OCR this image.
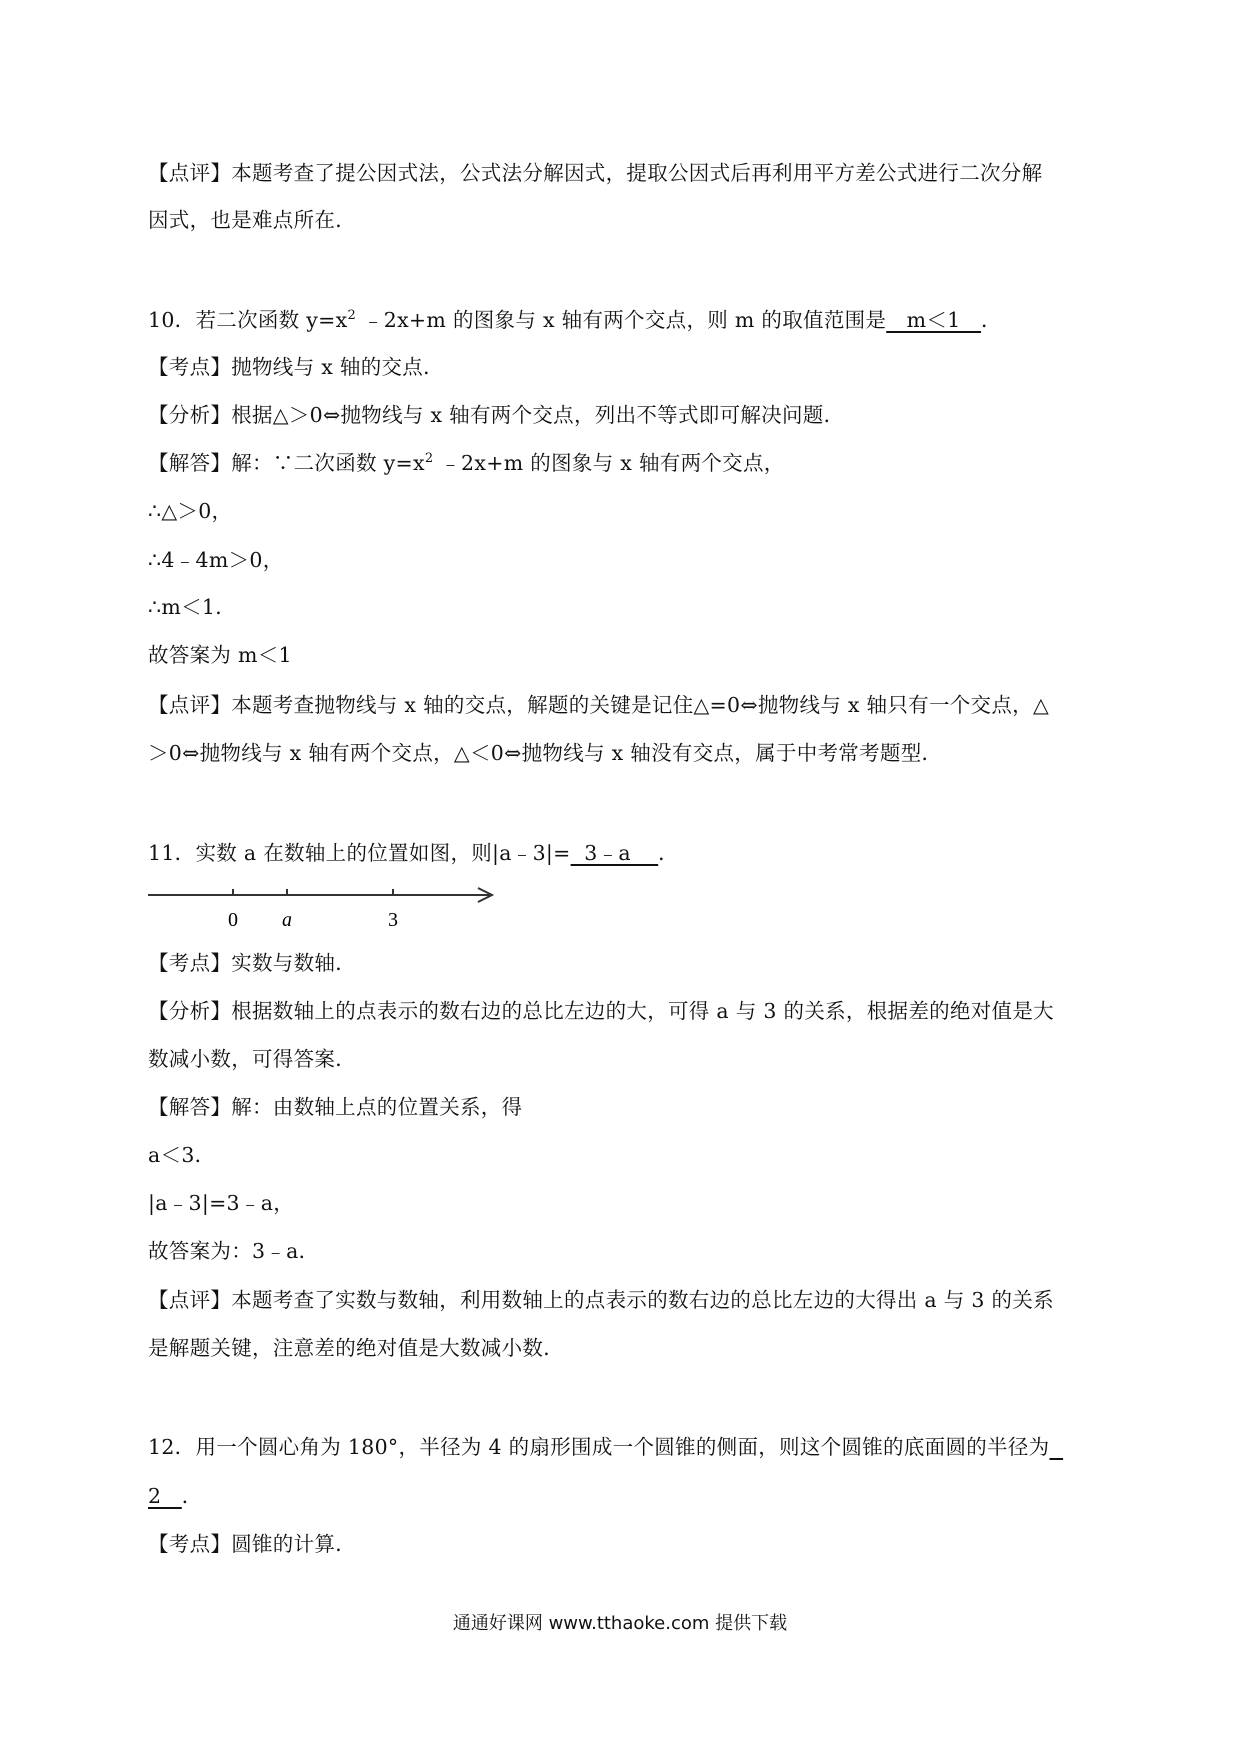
【点评】本题考查了提公因式法，公式法分解因式，提取公因式后再利用平方差公式进行二次分解
因式，也是难点所在．
10．若二次函数 $y=x^2$ ﹣2x+m 的图象与 x 轴有两个交点，则 m 的取值范围是   m＜1   ．
【考点】抛物线与 x 轴的交点．
【分析】根据△＞0⇔抛物线与 x 轴有两个交点，列出不等式即可解决问题．
【解答】解：∵二次函数 $y=x^2$ ﹣2x+m 的图象与 x 轴有两个交点，
∴△＞0，
∴4﹣4m＞0，
∴m＜1．
故答案为 m＜1
【点评】本题考查抛物线与 x 轴的交点，解题的关键是记住△=0⇔抛物线与 x 轴只有一个交点，△
＞0⇔抛物线与 x 轴有两个交点，△＜0⇔抛物线与 x 轴没有交点，属于中考常考题型．
11．实数 a 在数轴上的位置如图，则|a﹣3|=  3﹣a    ．
0 a	3
【考点】实数与数轴．
【分析】根据数轴上的点表示的数右边的总比左边的大，可得 a 与 3 的关系，根据差的绝对值是大
数减小数，可得答案．
【解答】解：由数轴上点的位置关系，得
a＜3．
|a﹣3|=3﹣a，
故答案为：3﹣a．
【点评】本题考查了实数与数轴，利用数轴上的点表示的数右边的总比左边的大得出 a 与 3 的关系
是解题关键，注意差的绝对值是大数减小数．
12．用一个圆心角为 180°，半径为 4 的扇形围成一个圆锥的侧面，则这个圆锥的底面圆的半径为
2   ．
【考点】圆锥的计算．
通通好课网 www.tthaoke.com 提供下载
